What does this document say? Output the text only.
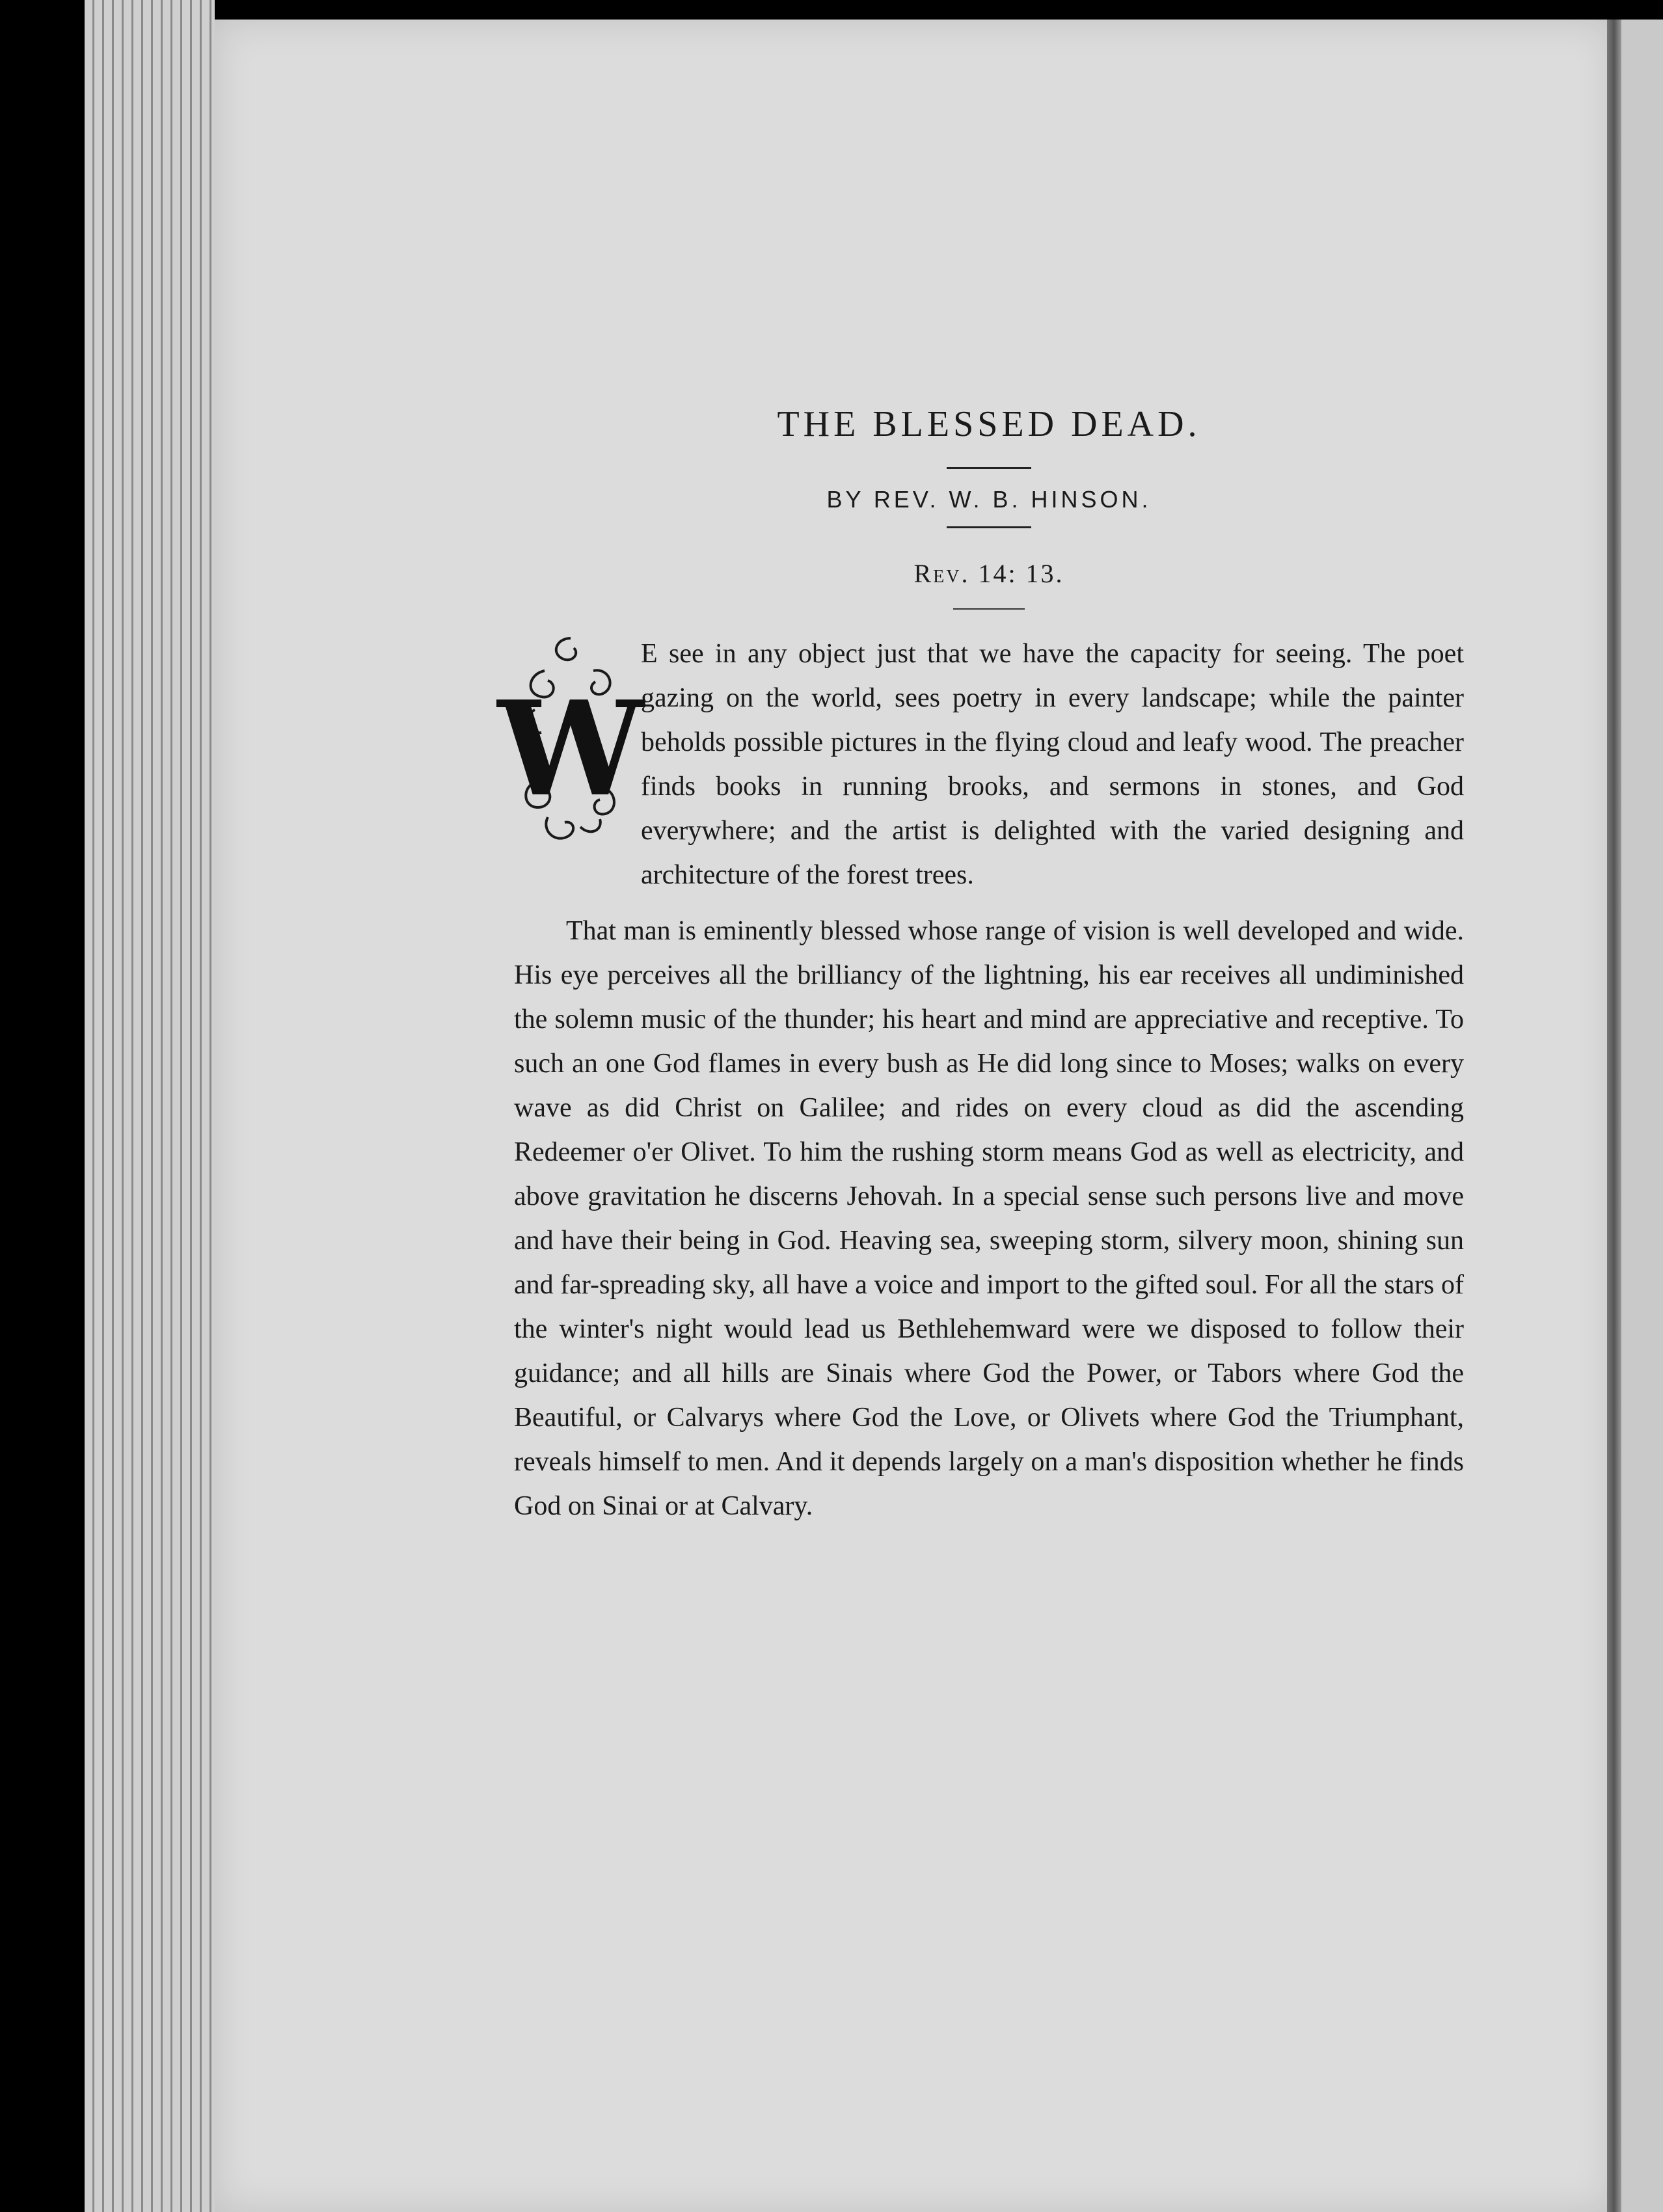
THE BLESSED DEAD.

BY REV. W. B. HINSON.

Rev. 14: 13.

W

E see in any object just that we have the capacity for seeing. The poet gazing on the world, sees poetry in every landscape; while the painter beholds possible pictures in the flying cloud and leafy wood. The preacher finds books in running brooks, and sermons in stones, and God everywhere; and the artist is delighted with the varied designing and architecture of the forest trees.

That man is eminently blessed whose range of vision is well developed and wide. His eye perceives all the brilliancy of the lightning, his ear receives all undiminished the solemn music of the thunder; his heart and mind are appreciative and receptive. To such an one God flames in every bush as He did long since to Moses; walks on every wave as did Christ on Galilee; and rides on every cloud as did the ascending Redeemer o'er Olivet. To him the rushing storm means God as well as electricity, and above gravitation he discerns Jehovah. In a special sense such persons live and move and have their being in God. Heaving sea, sweeping storm, silvery moon, shining sun and far-spreading sky, all have a voice and import to the gifted soul. For all the stars of the winter's night would lead us Bethlehemward were we disposed to follow their guidance; and all hills are Sinais where God the Power, or Tabors where God the Beautiful, or Calvarys where God the Love, or Olivets where God the Triumphant, reveals himself to men. And it depends largely on a man's disposition whether he finds God on Sinai or at Calvary.
